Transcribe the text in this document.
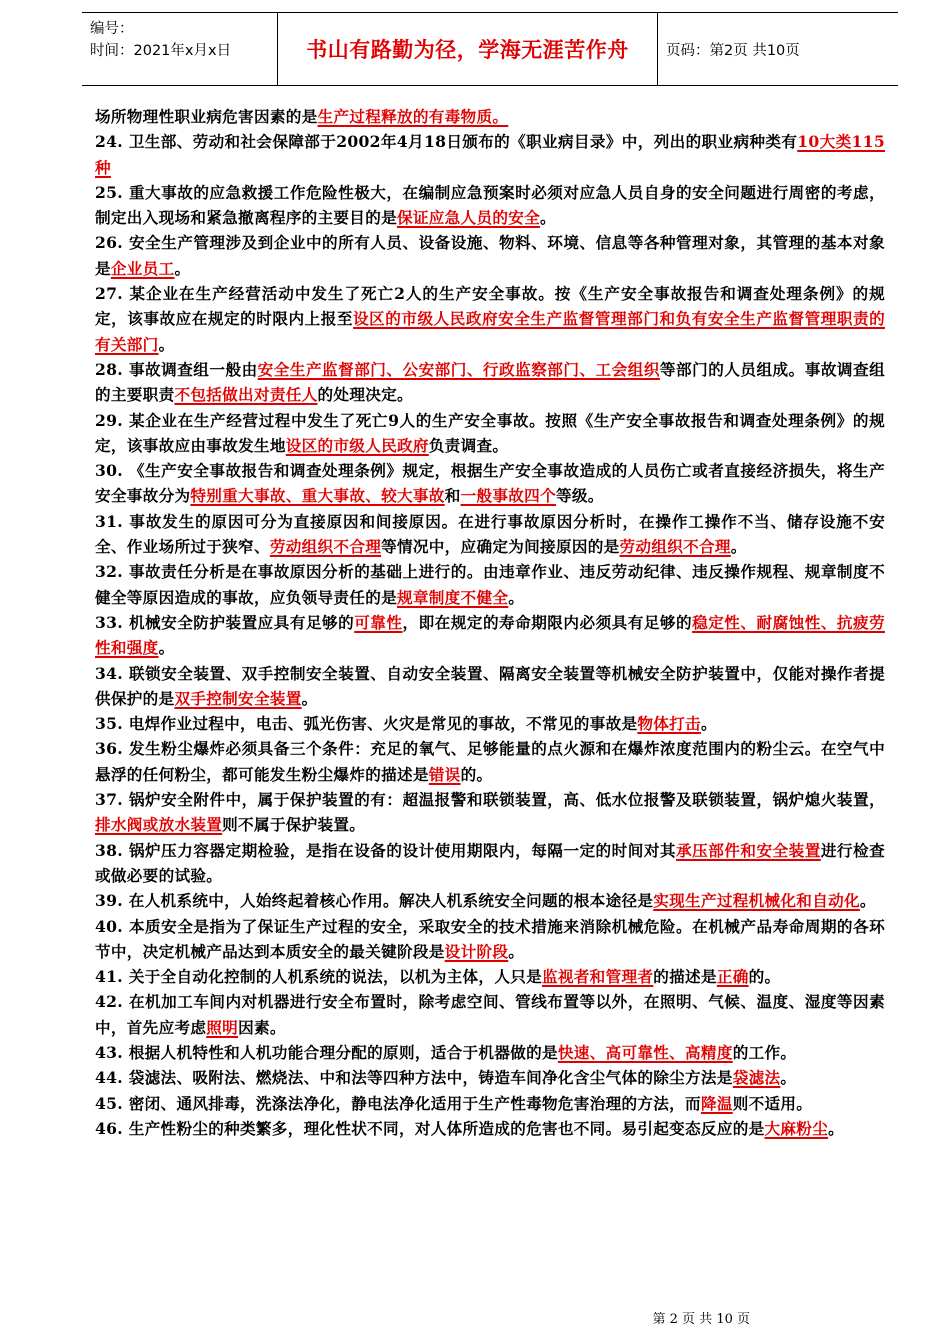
编号：
时间：2021年x月x日	书山有路勤为径，学海无涯苦作舟	页码：第2页 共10页

场所物理性职业病危害因素的是生产过程释放的有毒物质。

24. 卫生部、劳动和社会保障部于2002年4月18日颁布的《职业病目录》中，列出的职业病种类有10大类115种

25. 重大事故的应急救援工作危险性极大，在编制应急预案时必须对应急人员自身的安全问题进行周密的考虑，制定出入现场和紧急撤离程序的主要目的是保证应急人员的安全。

26. 安全生产管理涉及到企业中的所有人员、设备设施、物料、环境、信息等各种管理对象，其管理的基本对象是企业员工。

27. 某企业在生产经营活动中发生了死亡2人的生产安全事故。按《生产安全事故报告和调查处理条例》的规定，该事故应在规定的时限内上报至设区的市级人民政府安全生产监督管理部门和负有安全生产监督管理职责的有关部门。

28. 事故调查组一般由安全生产监督部门、公安部门、行政监察部门、工会组织等部门的人员组成。事故调查组的主要职责不包括做出对责任人的处理决定。

29. 某企业在生产经营过程中发生了死亡9人的生产安全事故。按照《生产安全事故报告和调查处理条例》的规定，该事故应由事故发生地设区的市级人民政府负责调查。

30. 《生产安全事故报告和调查处理条例》规定，根据生产安全事故造成的人员伤亡或者直接经济损失，将生产安全事故分为特别重大事故、重大事故、较大事故和一般事故四个等级。

31. 事故发生的原因可分为直接原因和间接原因。在进行事故原因分析时，在操作工操作不当、储存设施不安全、作业场所过于狭窄、劳动组织不合理等情况中，应确定为间接原因的是劳动组织不合理。

32. 事故责任分析是在事故原因分析的基础上进行的。由违章作业、违反劳动纪律、违反操作规程、规章制度不健全等原因造成的事故，应负领导责任的是规章制度不健全。

33. 机械安全防护装置应具有足够的可靠性，即在规定的寿命期限内必须具有足够的稳定性、耐腐蚀性、抗疲劳性和强度。

34. 联锁安全装置、双手控制安全装置、自动安全装置、隔离安全装置等机械安全防护装置中，仅能对操作者提供保护的是双手控制安全装置。

35. 电焊作业过程中，电击、弧光伤害、火灾是常见的事故，不常见的事故是物体打击。

36. 发生粉尘爆炸必须具备三个条件：充足的氧气、足够能量的点火源和在爆炸浓度范围内的粉尘云。在空气中悬浮的任何粉尘，都可能发生粉尘爆炸的描述是错误的。

37. 锅炉安全附件中，属于保护装置的有：超温报警和联锁装置，高、低水位报警及联锁装置，锅炉熄火装置，排水阀或放水装置则不属于保护装置。

38. 锅炉压力容器定期检验，是指在设备的设计使用期限内，每隔一定的时间对其承压部件和安全装置进行检查或做必要的试验。

39. 在人机系统中，人始终起着核心作用。解决人机系统安全问题的根本途径是实现生产过程机械化和自动化。

40. 本质安全是指为了保证生产过程的安全，采取安全的技术措施来消除机械危险。在机械产品寿命周期的各环节中，决定机械产品达到本质安全的最关键阶段是设计阶段。

41. 关于全自动化控制的人机系统的说法，以机为主体，人只是监视者和管理者的描述是正确的。

42. 在机加工车间内对机器进行安全布置时，除考虑空间、管线布置等以外，在照明、气候、温度、湿度等因素中，首先应考虑照明因素。

43. 根据人机特性和人机功能合理分配的原则，适合于机器做的是快速、高可靠性、高精度的工作。

44. 袋滤法、吸附法、燃烧法、中和法等四种方法中，铸造车间净化含尘气体的除尘方法是袋滤法。

45. 密闭、通风排毒，洗涤法净化，静电法净化适用于生产性毒物危害治理的方法，而降温则不适用。

46. 生产性粉尘的种类繁多，理化性状不同，对人体所造成的危害也不同。易引起变态反应的是大麻粉尘。

第 2 页 共 10 页
